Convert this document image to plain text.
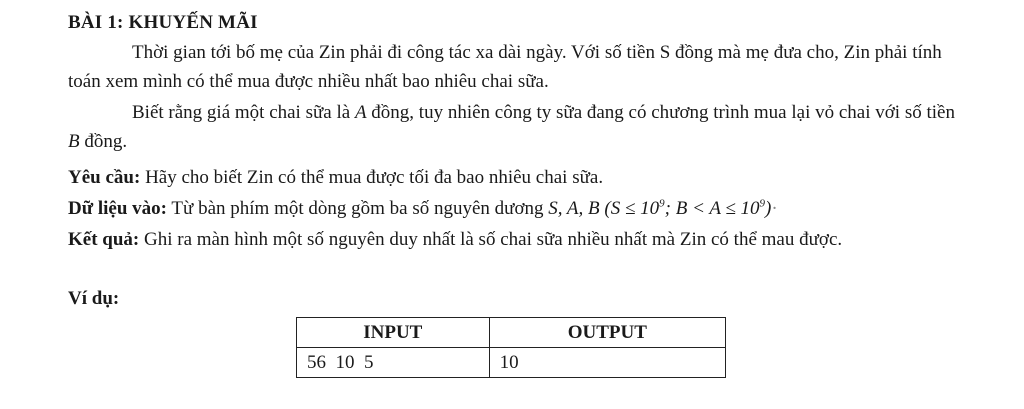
BÀI 1: KHUYẾN MÃI

Thời gian tới bố mẹ của Zin phải đi công tác xa dài ngày. Với số tiền S đồng mà mẹ đưa cho, Zin phải tính toán xem mình có thể mua được nhiều nhất bao nhiêu chai sữa.

Biết rằng giá một chai sữa là A đồng, tuy nhiên công ty sữa đang có chương trình mua lại vỏ chai với số tiền B đồng.

Yêu cầu: Hãy cho biết Zin có thể mua được tối đa bao nhiêu chai sữa.

Dữ liệu vào: Từ bàn phím một dòng gồm ba số nguyên dương S, A, B ($S \le 10^9$; $B < A \le 10^9)\cdot$

Kết quả: Ghi ra màn hình một số nguyên duy nhất là số chai sữa nhiều nhất mà Zin có thể mau được.

Ví dụ:

INPUT	OUTPUT
56  10  5	10
